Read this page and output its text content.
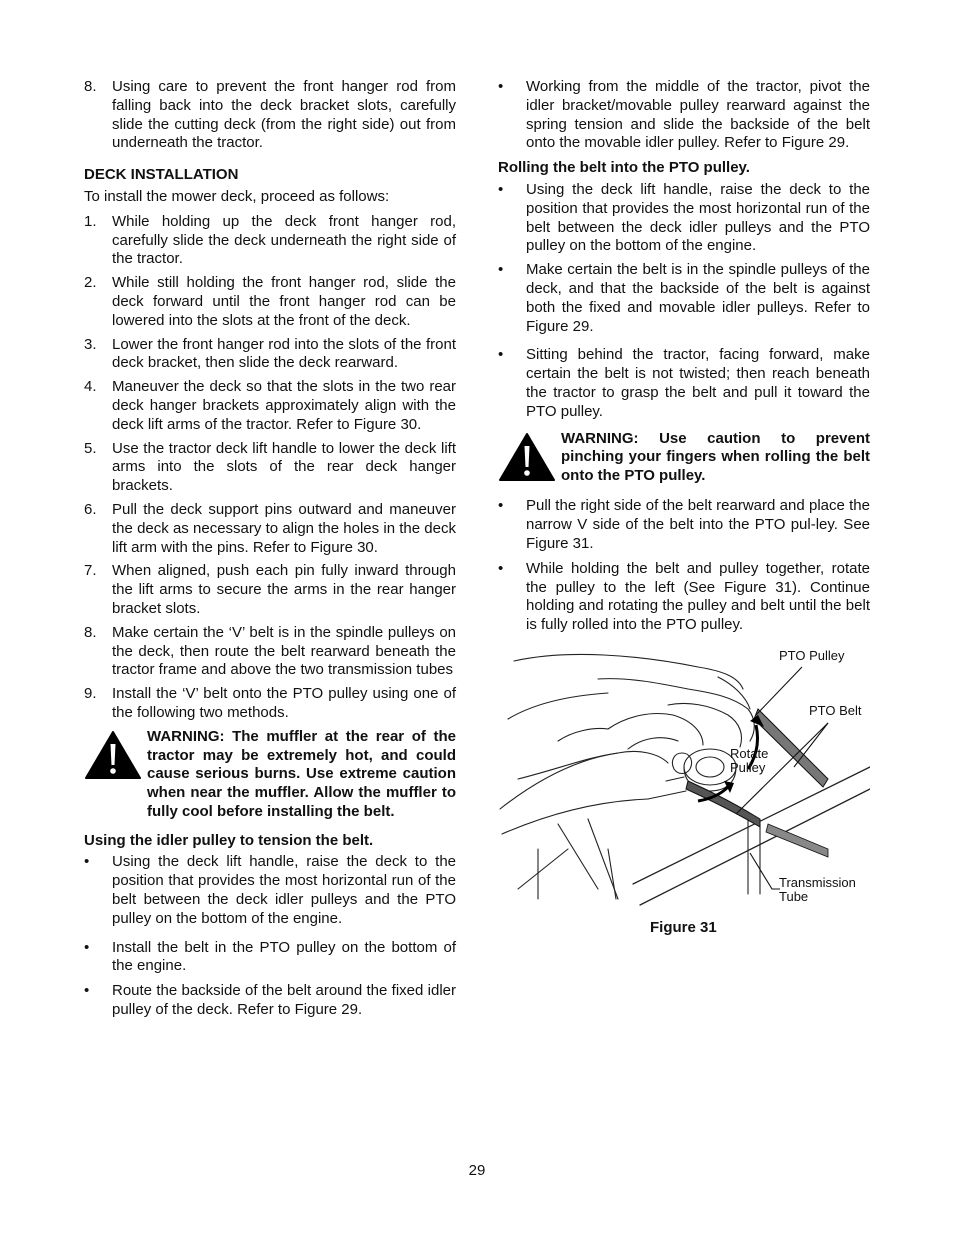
8.	Using care to prevent the front hanger rod from falling back into the deck bracket slots, carefully slide the cutting deck (from the right side) out from underneath the tractor.

DECK INSTALLATION

To install the mower deck, proceed as follows:

1.	While holding up the deck front hanger rod, carefully slide the deck underneath the right side of the tractor.
2.	While still holding the front hanger rod, slide the deck forward until the front hanger rod can be lowered into the slots at the front of the deck.
3.	Lower the front hanger rod into the slots of the front deck bracket, then slide the deck rearward.
4.	Maneuver the deck so that the slots in the two rear deck hanger brackets approximately align with the deck lift arms of the tractor. Refer to Figure 30.
5.	Use the tractor deck lift handle to lower the deck lift arms into the slots of the rear deck hanger brackets.
6.	Pull the deck support pins outward and maneuver the deck as necessary to align the holes in the deck lift arm with the pins. Refer to Figure 30.
7.	When aligned, push each pin fully inward through the lift arms to secure the arms in the rear hanger bracket slots.
8.	Make certain the ‘V’ belt is in the spindle pulleys on the deck, then route the belt rearward beneath the tractor frame and above the two transmission tubes
9.	Install the ‘V’ belt onto the PTO pulley using one of the following two methods.
WARNING: The muffler at the rear of the tractor may be extremely hot, and could cause serious burns. Use extreme caution when near the muffler. Allow the muffler to fully cool before installing the belt.

Using the idler pulley to tension the belt.

•	Using the deck lift handle, raise the deck to the position that provides the most horizontal run of the belt between the deck idler pulleys and the PTO pulley on the bottom of the engine.
•	Install the belt in the PTO pulley on the bottom of the engine.
•	Route the backside of the belt around the fixed idler pulley of the deck. Refer to Figure 29.
•	Working from the middle of the tractor, pivot the idler bracket/movable pulley rearward against the spring tension and slide the backside of the belt onto the movable idler pulley. Refer to Figure 29.

Rolling the belt into the PTO pulley.

•	Using the deck lift handle, raise the deck to the position that provides the most horizontal run of the belt between the deck idler pulleys and the PTO pulley on the bottom of the engine.
•	Make certain the belt is in the spindle pulleys of the deck, and that the backside of the belt is against both the fixed and movable idler pulleys. Refer to Figure 29.
•	Sitting behind the tractor, facing forward, make certain the belt is not twisted; then reach beneath the tractor to grasp the belt and pull it toward the PTO pulley.
WARNING: Use caution to prevent pinching your fingers when rolling the belt onto the PTO pulley.
•	Pull the right side of the belt rearward and place the narrow V side of the belt into the PTO pul-ley. See Figure 31.
•	While holding the belt and pulley together, rotate the pulley to the left (See Figure 31). Continue holding and rotating the pulley and belt until the belt is fully rolled into the PTO pulley.
PTO Pulley
PTO Belt
Rotate
Pulley
Transmission
Tube

Figure 31

29
